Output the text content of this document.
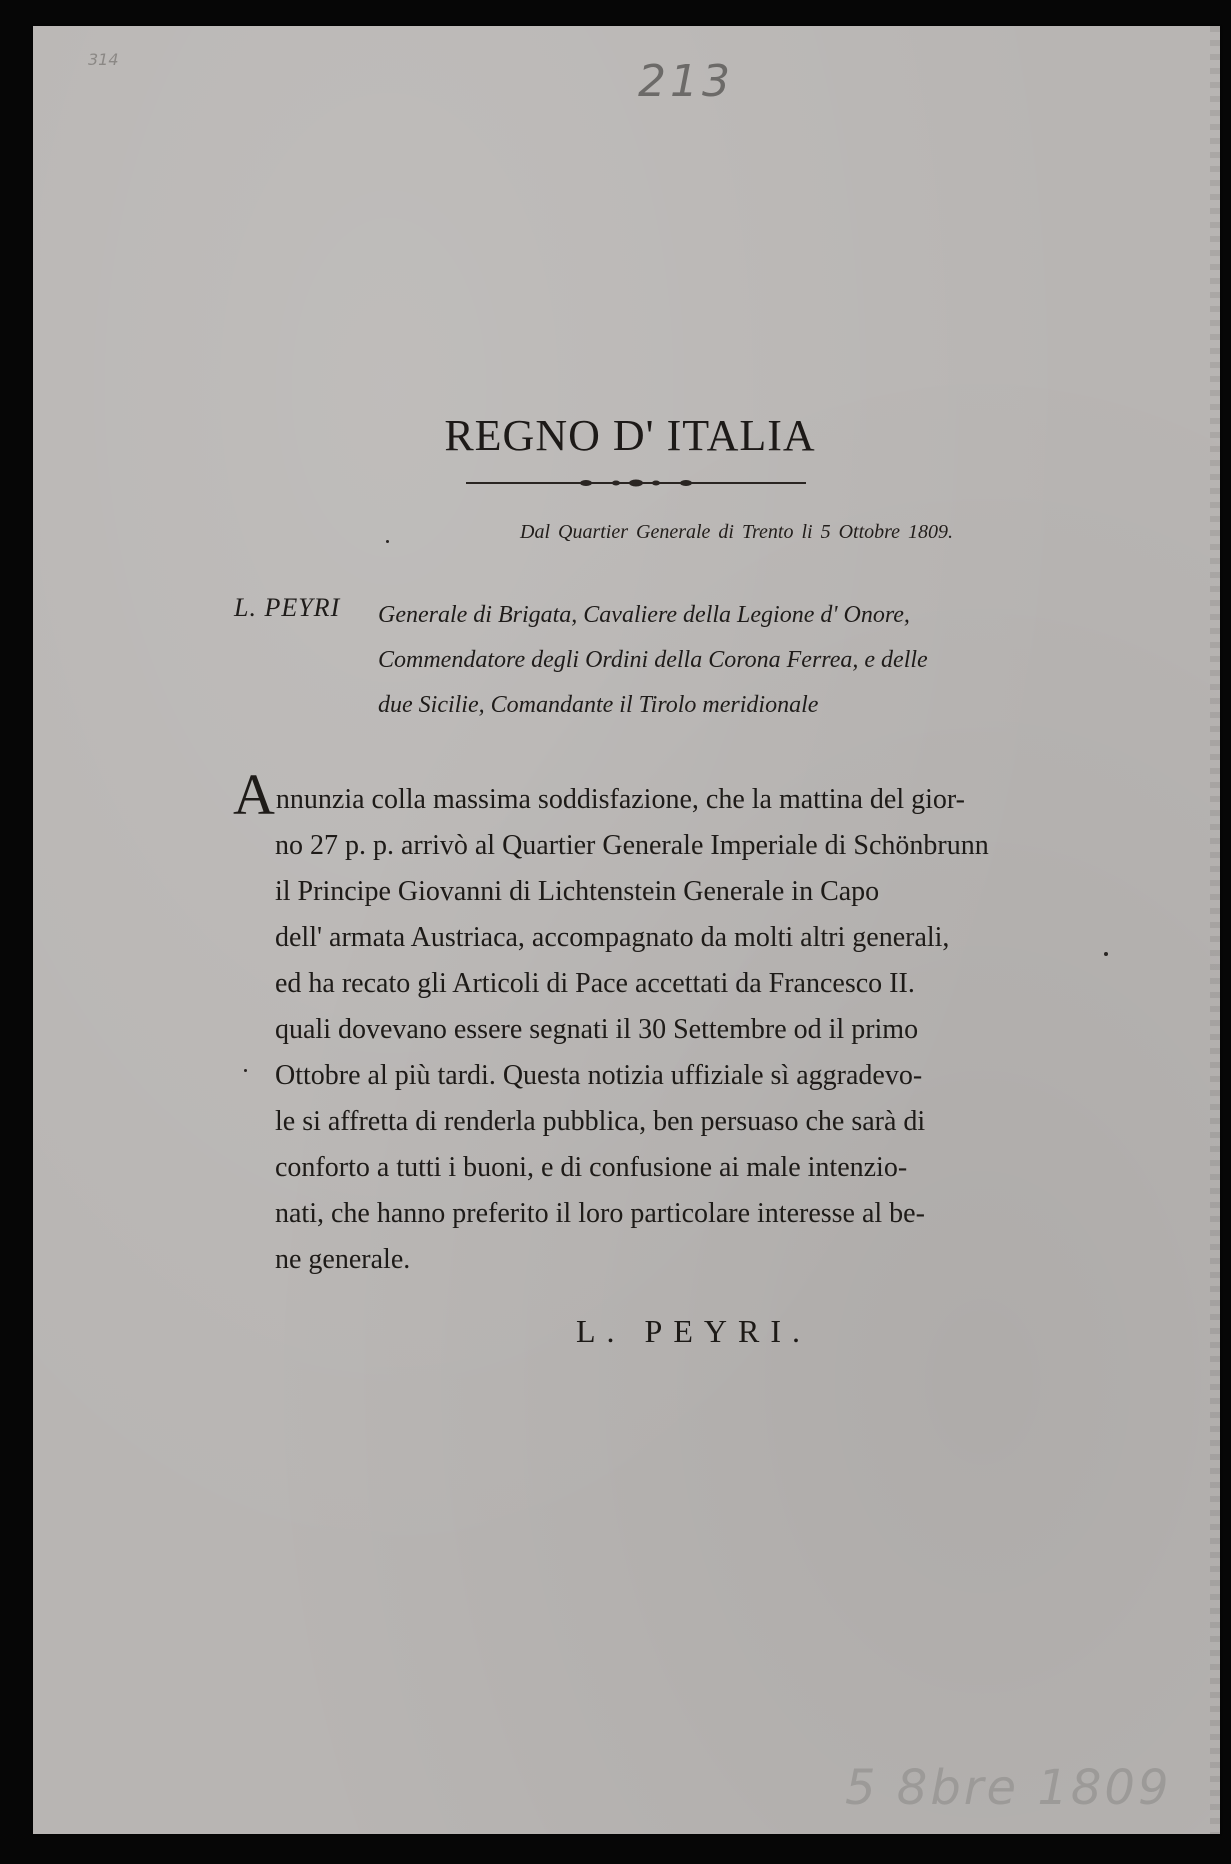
314	213
REGNO D' ITALIA
Dal Quartier Generale di Trento li 5 Ottobre 1809.
L. PEYRI Generale di Brigata, Cavaliere della Legione d' Onore,
Commendatore degli Ordini della Corona Ferrea, e delle
due Sicilie, Comandante il Tirolo meridionale
Annunzia colla massima soddisfazione, che la mattina del gior-
no 27 p. p. arrivò al Quartier Generale Imperiale di Schönbrunn
il Principe Giovanni di Lichtenstein Generale in Capo
dell' armata Austriaca, accompagnato da molti altri generali,
ed ha recato gli Articoli di Pace accettati da Francesco II.
quali dovevano essere segnati il 30 Settembre od il primo
Ottobre al più tardi. Questa notizia uffiziale sì aggradevo-
le si affretta di renderla pubblica, ben persuaso che sarà di
conforto a tutti i buoni, e di confusione ai male intenzio-
nati, che hanno preferito il loro particolare interesse al be-
ne generale.
L. PEYRI.
5 8bre 1809
